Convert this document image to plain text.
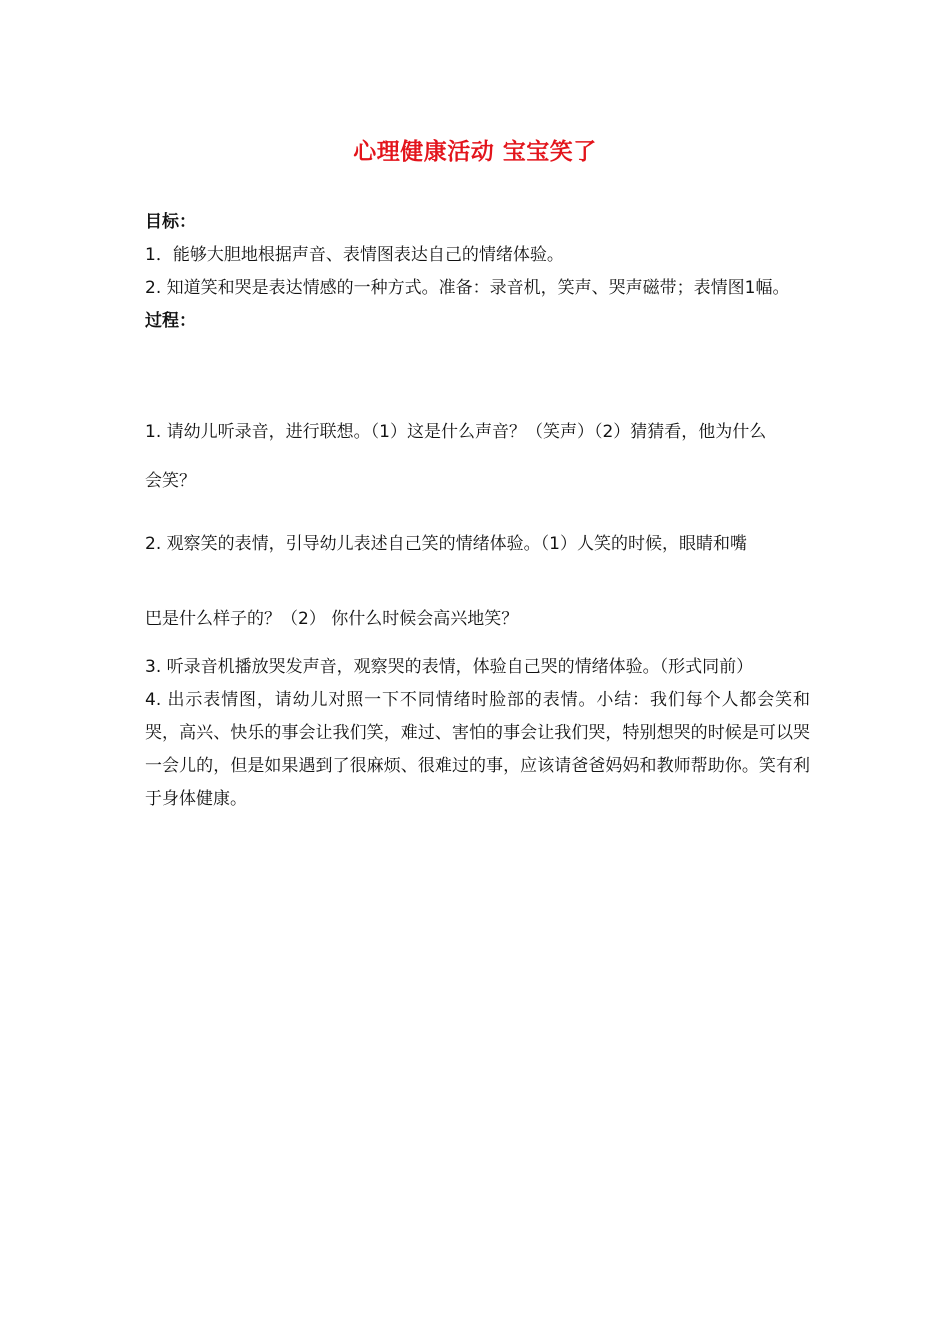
心理健康活动 宝宝笑了
目标：
1．能够大胆地根据声音、表情图表达自己的情绪体验。
2. 知道笑和哭是表达情感的一种方式。准备：录音机，笑声、哭声磁带；表情图1幅。
过程：
1. 请幼儿听录音，进行联想。（1）这是什么声音？（笑声）（2）猜猜看，他为什么
会笑？
2. 观察笑的表情，引导幼儿表述自己笑的情绪体验。（1）人笑的时候，眼睛和嘴
巴是什么样子的？（2） 你什么时候会高兴地笑？
3. 听录音机播放哭发声音，观察哭的表情，体验自己哭的情绪体验。（形式同前）
4. 出示表情图，请幼儿对照一下不同情绪时脸部的表情。小结：我们每个人都会笑和哭，高兴、快乐的事会让我们笑，难过、害怕的事会让我们哭，特别想哭的时候是可以哭一会儿的，但是如果遇到了很麻烦、很难过的事，应该请爸爸妈妈和教师帮助你。笑有利于身体健康。
